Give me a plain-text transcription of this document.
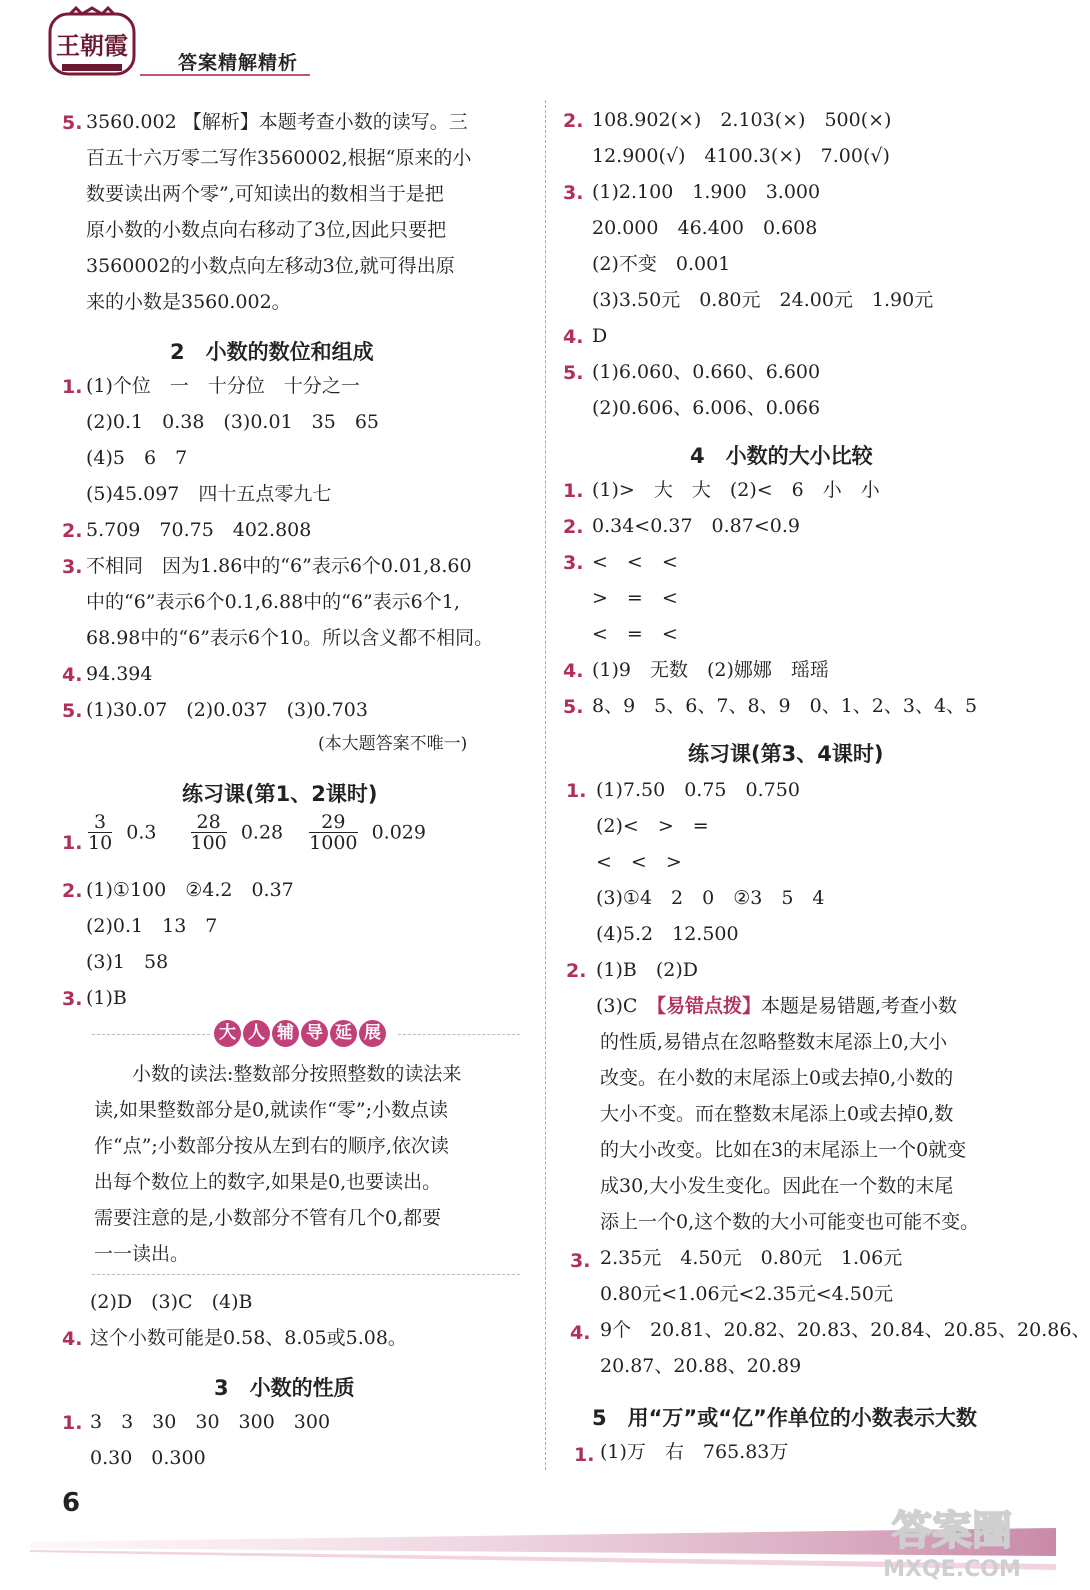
王朝霞
答案精解精析
5. 3560.002 【解析】本题考查小数的读写。三
百五十六万零二写作3560002,根据“原来的小
数要读出两个零”,可知读出的数相当于是把
原小数的小数点向右移动了3位,因此只要把
3560002的小数点向左移动3位,就可得出原
来的小数是3560.002。
2　小数的数位和组成
1. (1)个位　一　十分位　十分之一
(2)0.1　0.38　(3)0.01　35　65
(4)5　6　7
(5)45.097　四十五点零九七
2. 5.709　70.75　402.808
3. 不相同　因为1.86中的“6”表示6个0.01,8.60
中的“6”表示6个0.1,6.88中的“6”表示6个1,
68.98中的“6”表示6个10。所以含义都不相同。
4. 94.394
5. (1)30.07　(2)0.037　(3)0.703
(本大题答案不唯一)
练习课(第1、2课时)
1. $\frac{3}{10} 0.3 \frac{28}{100} 0.28 \frac{29}{1000} 0.029$
2. (1)①100　②4.2　0.37
(2)0.1　13　7
(3)1　58
3. (1)B
大 人 辅 导 延 展
　　小数的读法:整数部分按照整数的读法来
读,如果整数部分是0,就读作“零”;小数点读
作“点”;小数部分按从左到右的顺序,依次读
出每个数位上的数字,如果是0,也要读出。
需要注意的是,小数部分不管有几个0,都要
一一读出。
(2)D　(3)C　(4)B
4. 这个小数可能是0.58、8.05或5.08。
3　小数的性质
1. 3　3　30　30　300　300
0.30　0.300
2. 108.902(×)　2.103(×)　500(×)
12.900(√)　4100.3(×)　7.00(√)
3. (1)2.100　1.900　3.000
20.000　46.400　0.608
(2)不变　0.001
(3)3.50元　0.80元　24.00元　1.90元
4. D
5. (1)6.060、0.660、6.600
(2)0.606、6.006、0.066
4　小数的大小比较
1. (1)>　大　大　(2)<　6　小　小
2. 0.34<0.37　0.87<0.9
3. <　<　<
>　=　<
<　=　<
4. (1)9　无数　(2)娜娜　瑶瑶
5. 8、9　5、6、7、8、9　0、1、2、3、4、5
练习课(第3、4课时)
1. (1)7.50　0.75　0.750
(2)<　>　=
<　<　>
(3)①4　2　0　②3　5　4
(4)5.2　12.500
2. (1)B　(2)D
(3)C　【易错点拨】本题是易错题,考查小数
的性质,易错点在忽略整数末尾添上0,大小
改变。在小数的末尾添上0或去掉0,小数的
大小不变。而在整数末尾添上0或去掉0,数
的大小改变。比如在3的末尾添上一个0就变
成30,大小发生变化。因此在一个数的末尾
添上一个0,这个数的大小可能变也可能不变。
3. 2.35元　4.50元　0.80元　1.06元
0.80元<1.06元<2.35元<4.50元
4. 9个　20.81、20.82、20.83、20.84、20.85、20.86、
20.87、20.88、20.89
5　用“万”或“亿”作单位的小数表示大数
1. (1)万　右　765.83万
6
答案圈
MXQE.COM
